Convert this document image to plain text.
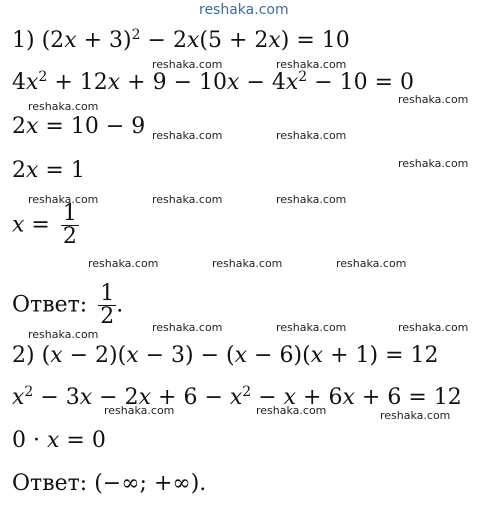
reshaka.com
1) $(2x + 3)^2 - 2x(5 + 2x) = 10$
$4x^2 + 12x + 9 - 10x - 4x^2 - 10 = 0$
2x = 10 − 9
2x = 1
$x = \frac{1}{2}$
Ответ: $\frac{1}{2}$ .
2) (x − 2)(x − 3) − (x − 6)(x + 1) = 12
$x^2 - 3x - 2x + 6 - x^2 - x + 6x + 6 = 12$
0 · x = 0
Ответ: (−∞; +∞).
reshaka.com	reshaka.com
reshaka.com
reshaka.com
reshaka.com	reshaka.com
reshaka.com
reshaka.com	reshaka.com	reshaka.com
reshaka.com	reshaka.com	reshaka.com
reshaka.com
reshaka.com	reshaka.com	reshaka.com
reshaka.com	reshaka.com	reshaka.com
